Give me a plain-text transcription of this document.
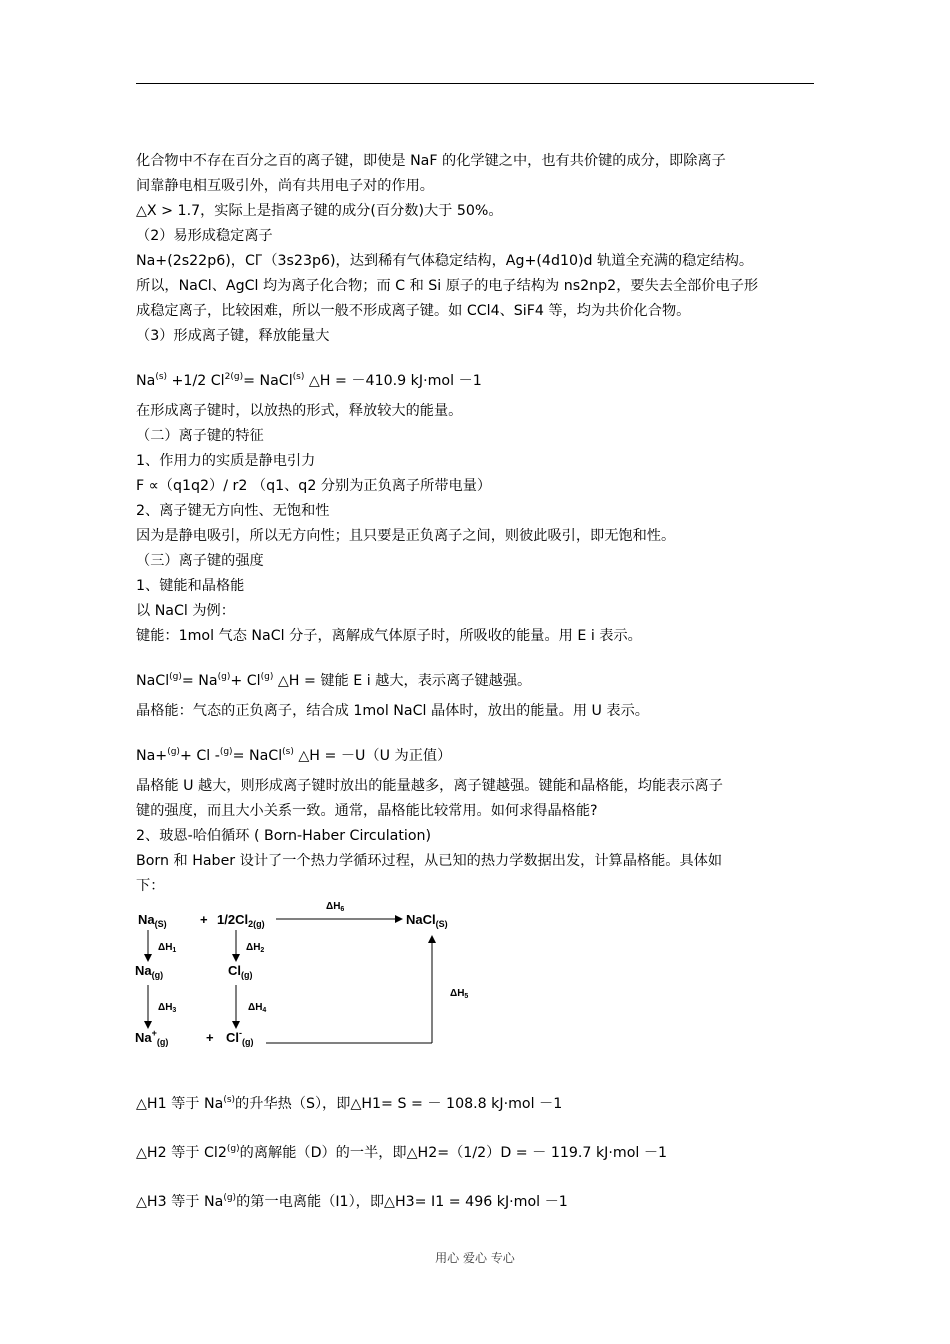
化合物中不存在百分之百的离子键，即使是 NaF 的化学键之中，也有共价键的成分，即除离子
间靠静电相互吸引外，尚有共用电子对的作用。
△X > 1.7，实际上是指离子键的成分(百分数)大于 50%。
（2）易形成稳定离子
Na+(2s22p6)，Cl ̄（3s23p6)，达到稀有气体稳定结构，Ag+(4d10)d 轨道全充满的稳定结构。
所以，NaCl、AgCl 均为离子化合物；而 C 和 Si 原子的电子结构为 ns2np2，要失去全部价电子形
成稳定离子，比较困难，所以一般不形成离子键。如 CCl4、SiF4 等，均为共价化合物。
（3）形成离子键，释放能量大
$Na^{(s)} +1/2$ $Cl^{2(g)}=$ NaCl$^{(s)}$ △H = －410.9 kJ·mol －1
在形成离子键时，以放热的形式，释放较大的能量。
（二）离子键的特征
1、作用力的实质是静电引力
F ∝（q1q2）/ r2 （q1、q2 分别为正负离子所带电量）
2、离子键无方向性、无饱和性
因为是静电吸引，所以无方向性；且只要是正负离子之间，则彼此吸引，即无饱和性。
（三）离子键的强度
1、键能和晶格能
以 NaCl 为例：
键能：1mol 气态 NaCl 分子，离解成气体原子时，所吸收的能量。用 E i 表示。
NaCl$^{(g)}$= $Na^{(g)}+ Cl^{(g)}$ △H = 键能 E i 越大，表示离子键越强。
晶格能：气态的正负离子，结合成 1mol NaCl 晶体时，放出的能量。用 U 表示。
Na+$^{(g)}$+ Cl -$^{(g)}$= NaCl$^{(s)}$ △H = －U（U 为正值）
晶格能 U 越大，则形成离子键时放出的能量越多，离子键越强。键能和晶格能，均能表示离子
键的强度，而且大小关系一致。通常，晶格能比较常用。如何求得晶格能?
2、玻恩-哈伯循环 ( Born-Haber Circulation)
Born 和 Haber 设计了一个热力学循环过程，从已知的热力学数据出发，计算晶格能。具体如
下：
$Na_{(S)}$	+ $1/2Cl_{2(g)}$	NaCl$_{(S)}$
$\Delta H_6$
$\Delta H_1$
$Na_{(g)}$
$\Delta H_3$
$Na^+_{(g)}$
$\Delta H_2$
$Cl_{(g)}$
$\Delta H_4$
+ $Cl^-_{(g)}$
$\Delta H_5$
△H1 等于 Na$^{(s)}$的升华热（S），即△H1= S = － 108.8 kJ·mol －1
△H2 等于 Cl2$^{(g)}$的离解能（D）的一半，即△H2=（1/2）D = － 119.7 kJ·mol －1
△H3 等于 Na$^{(g)}$的第一电离能（I1），即△H3= I1 = 496 kJ·mol －1
用心 爱心 专心
